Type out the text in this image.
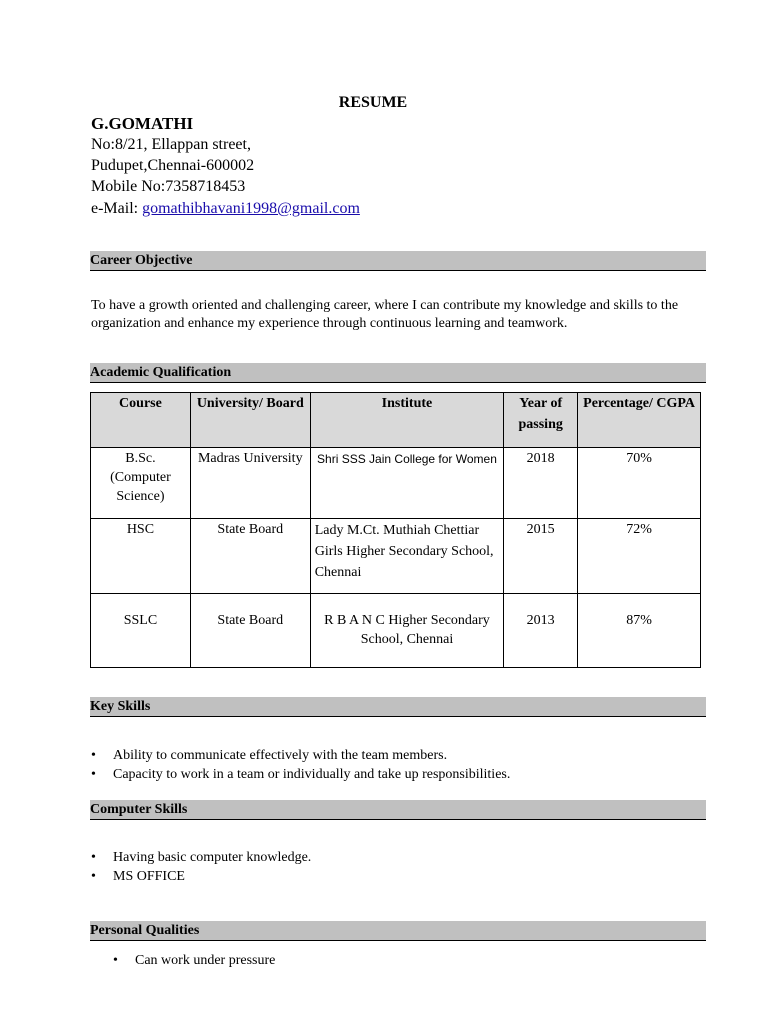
RESUME
G.GOMATHI
No:8/21, Ellappan street,
Pudupet,Chennai-600002
Mobile No:7358718453
e-Mail: gomathibhavani1998@gmail.com
Career Objective
To have a growth oriented and challenging career, where I can contribute my knowledge and skills to the organization and enhance my experience through continuous learning and teamwork.
Academic Qualification
Course	University/ Board	Institute	Year of passing	Percentage/ CGPA
B.Sc. (Computer Science)	Madras University	Shri SSS Jain College for Women	2018	70%
HSC	State Board	Lady M.Ct. Muthiah Chettiar Girls Higher Secondary School, Chennai	2015	72%
SSLC	State Board	R B A N C Higher Secondary School, Chennai	2013	87%
Key Skills
• Ability to communicate effectively with the team members.
• Capacity to work in a team or individually and take up responsibilities.
Computer Skills
• Having basic computer knowledge.
• MS OFFICE
Personal Qualities
• Can work under pressure
